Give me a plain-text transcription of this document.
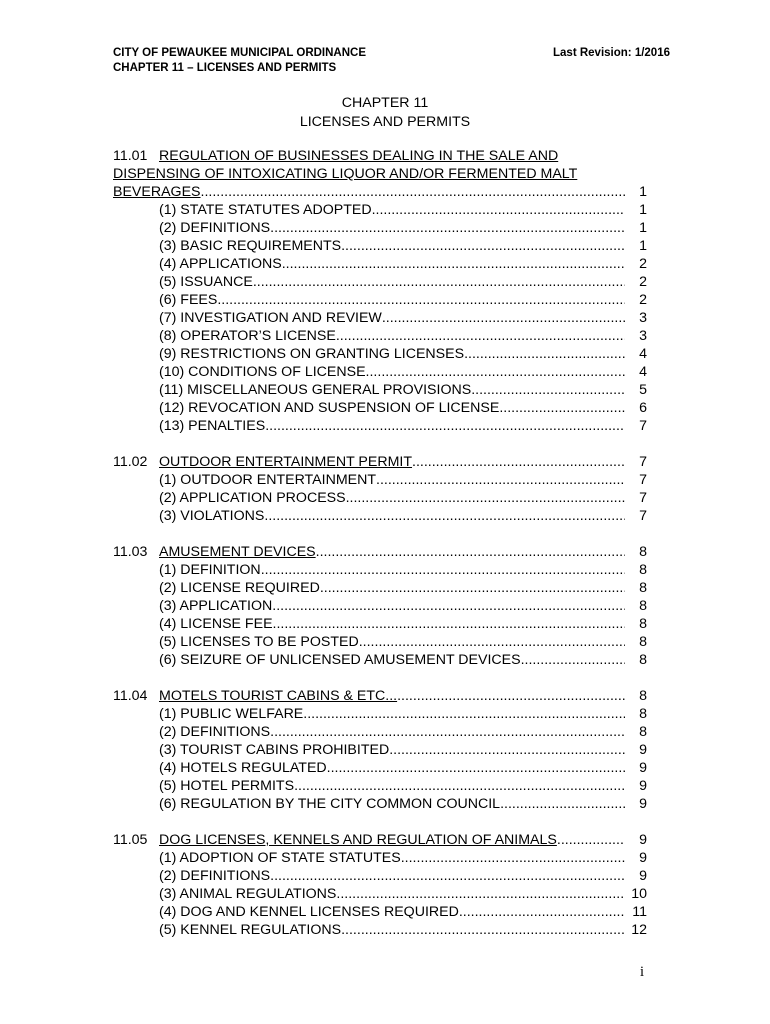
CITY OF PEWAUKEE MUNICIPAL ORDINANCE	Last Revision: 1/2016
CHAPTER 11 – LICENSES AND PERMITS
CHAPTER 11
LICENSES AND PERMITS
11.01 REGULATION OF BUSINESSES DEALING IN THE SALE AND
DISPENSING OF INTOXICATING LIQUOR AND/OR FERMENTED MALT
BEVERAGES .....	1
(1) STATE STATUTES ADOPTED .....	1
(2) DEFINITIONS .....	1
(3) BASIC REQUIREMENTS .....	1
(4) APPLICATIONS .....	2
(5) ISSUANCE .....	2
(6) FEES .....	2
(7) INVESTIGATION AND REVIEW .....	3
(8) OPERATOR’S LICENSE .....	3
(9) RESTRICTIONS ON GRANTING LICENSES .....	4
(10) CONDITIONS OF LICENSE .....	4
(11) MISCELLANEOUS GENERAL PROVISIONS .....	5
(12) REVOCATION AND SUSPENSION OF LICENSE .....	6
(13) PENALTIES .....	7
11.02 OUTDOOR ENTERTAINMENT PERMIT .....	7
(1) OUTDOOR ENTERTAINMENT .....	7
(2) APPLICATION PROCESS .....	7
(3) VIOLATIONS .....	7
11.03 AMUSEMENT DEVICES .....	8
(1) DEFINITION .....	8
(2) LICENSE REQUIRED .....	8
(3) APPLICATION .....	8
(4) LICENSE FEE .....	8
(5) LICENSES TO BE POSTED .....	8
(6) SEIZURE OF UNLICENSED AMUSEMENT DEVICES .....	8
11.04 MOTELS TOURIST CABINS & ETC... .....	8
(1) PUBLIC WELFARE .....	8
(2) DEFINITIONS .....	8
(3) TOURIST CABINS PROHIBITED .....	9
(4) HOTELS REGULATED .....	9
(5) HOTEL PERMITS .....	9
(6) REGULATION BY THE CITY COMMON COUNCIL .....	9
11.05 DOG LICENSES, KENNELS AND REGULATION OF ANIMALS .....	9
(1) ADOPTION OF STATE STATUTES .....	9
(2) DEFINITIONS .....	9
(3) ANIMAL REGULATIONS .....	10
(4) DOG AND KENNEL LICENSES REQUIRED .....	11
(5) KENNEL REGULATIONS .....	12
i
